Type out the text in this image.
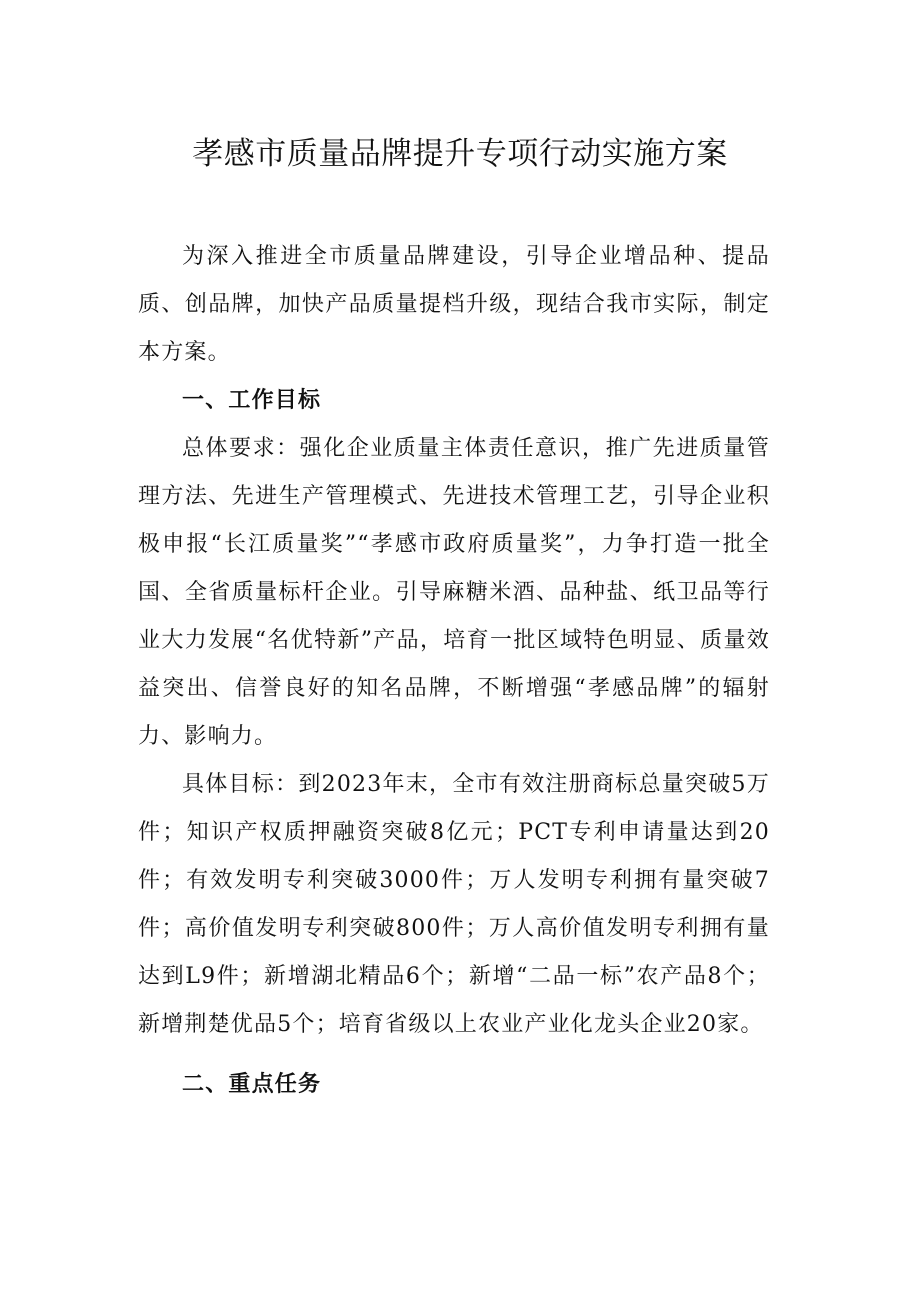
孝感市质量品牌提升专项行动实施方案

为深入推进全市质量品牌建设，引导企业增品种、提品质、创品牌，加快产品质量提档升级，现结合我市实际，制定本方案。

一、工作目标

总体要求：强化企业质量主体责任意识，推广先进质量管理方法、先进生产管理模式、先进技术管理工艺，引导企业积极申报“长江质量奖”“孝感市政府质量奖”，力争打造一批全国、全省质量标杆企业。引导麻糖米酒、品种盐、纸卫品等行业大力发展“名优特新”产品，培育一批区域特色明显、质量效益突出、信誉良好的知名品牌，不断增强“孝感品牌”的辐射力、影响力。

具体目标：到2023年末，全市有效注册商标总量突破5万件；知识产权质押融资突破8亿元；PCT专利申请量达到20件；有效发明专利突破3000件；万人发明专利拥有量突破7件；高价值发明专利突破800件；万人高价值发明专利拥有量达到L9件；新增湖北精品6个；新增“二品一标”农产品8个；新增荆楚优品5个；培育省级以上农业产业化龙头企业20家。

二、重点任务
